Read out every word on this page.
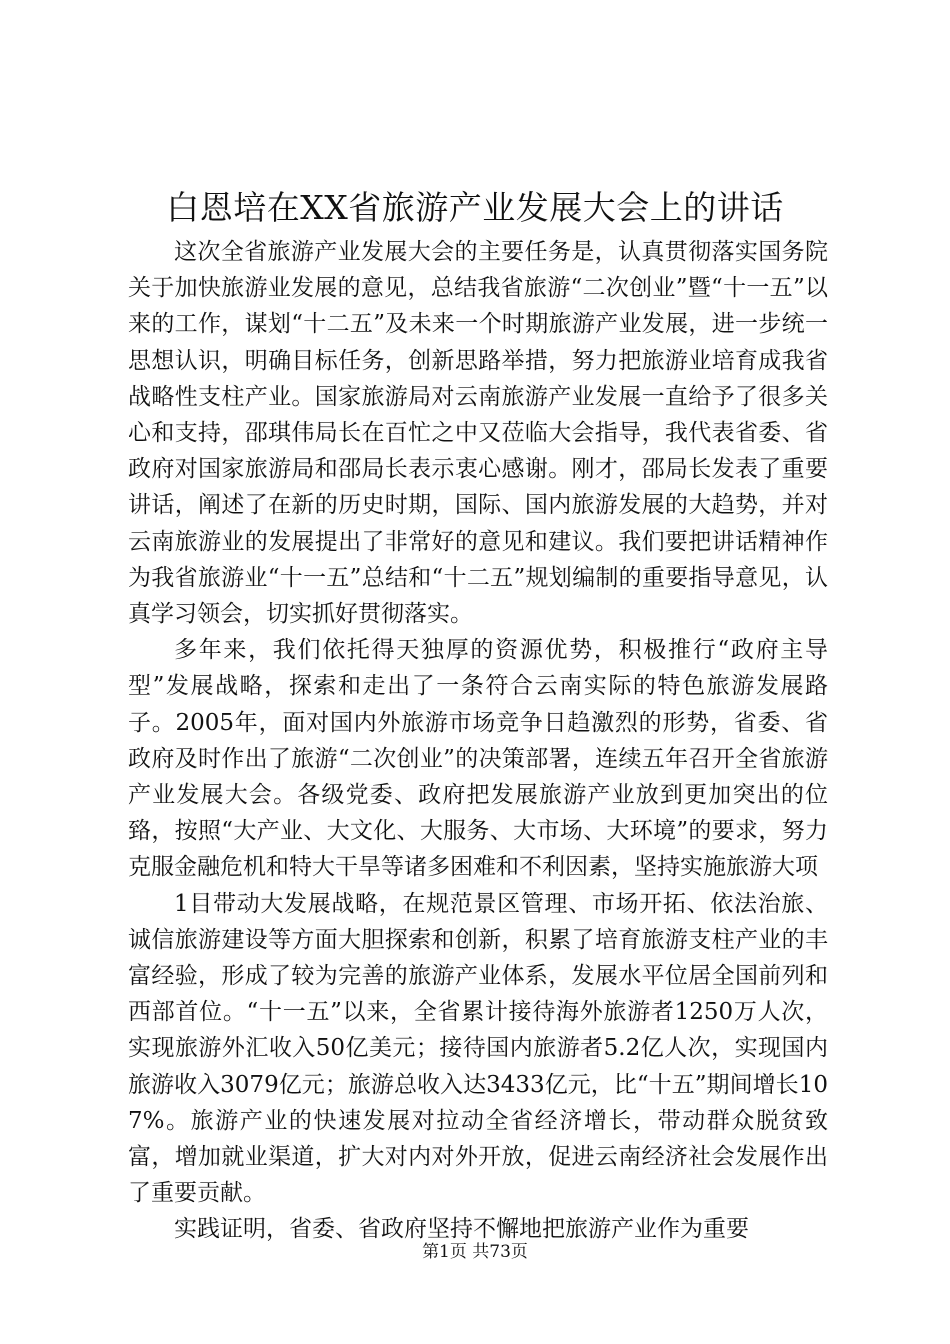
白恩培在XX省旅游产业发展大会上的讲话

这次全省旅游产业发展大会的主要任务是，认真贯彻落实国务院关于加快旅游业发展的意见，总结我省旅游“二次创业”暨“十一五”以来的工作，谋划“十二五”及未来一个时期旅游产业发展，进一步统一思想认识，明确目标任务，创新思路举措，努力把旅游业培育成我省战略性支柱产业。国家旅游局对云南旅游产业发展一直给予了很多关心和支持，邵琪伟局长在百忙之中又莅临大会指导，我代表省委、省政府对国家旅游局和邵局长表示衷心感谢。刚才，邵局长发表了重要讲话，阐述了在新的历史时期，国际、国内旅游发展的大趋势，并对云南旅游业的发展提出了非常好的意见和建议。我们要把讲话精神作为我省旅游业“十一五”总结和“十二五”规划编制的重要指导意见，认真学习领会，切实抓好贯彻落实。

多年来，我们依托得天独厚的资源优势，积极推行“政府主导型”发展战略，探索和走出了一条符合云南实际的特色旅游发展路子。2005年，面对国内外旅游市场竞争日趋激烈的形势，省委、省政府及时作出了旅游“二次创业”的决策部署，连续五年召开全省旅游产业发展大会。各级党委、政府把发展旅游产业放到更加突出的位臵，按照“大产业、大文化、大服务、大市场、大环境”的要求，努力克服金融危机和特大干旱等诸多困难和不利因素，坚持实施旅游大项

1目带动大发展战略，在规范景区管理、市场开拓、依法治旅、诚信旅游建设等方面大胆探索和创新，积累了培育旅游支柱产业的丰富经验，形成了较为完善的旅游产业体系，发展水平位居全国前列和西部首位。“十一五”以来，全省累计接待海外旅游者1250万人次，实现旅游外汇收入50亿美元；接待国内旅游者5.2亿人次，实现国内旅游收入3079亿元；旅游总收入达3433亿元，比“十五”期间增长107%。旅游产业的快速发展对拉动全省经济增长，带动群众脱贫致富，增加就业渠道，扩大对内对外开放，促进云南经济社会发展作出了重要贡献。

实践证明，省委、省政府坚持不懈地把旅游产业作为重要

第1页 共73页
